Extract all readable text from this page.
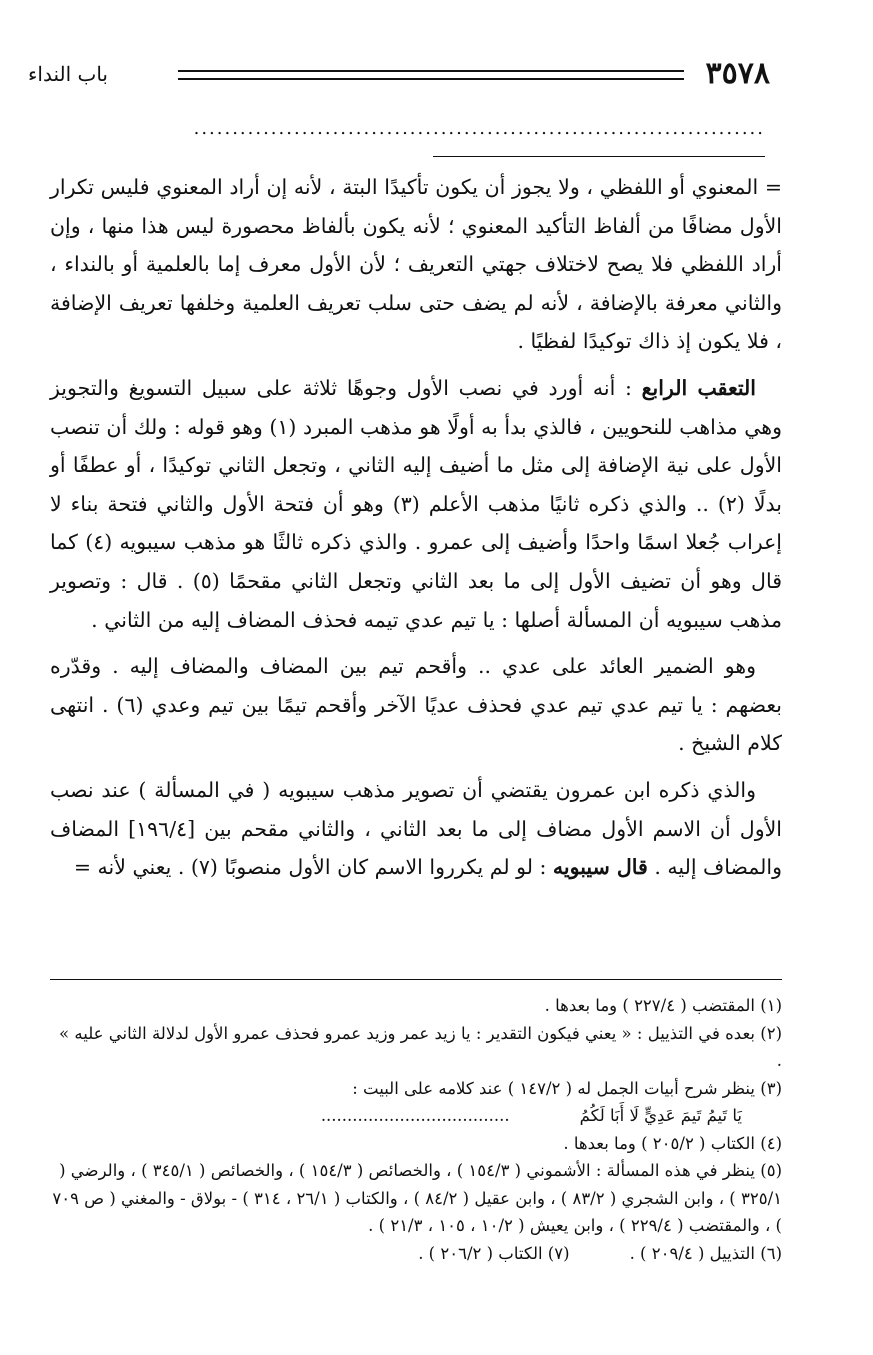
٣٥٧٨
باب النداء
..........................................................................

= المعنوي أو اللفظي ، ولا يجوز أن يكون تأكيدًا البتة ، لأنه إن أراد المعنوي فليس تكرار الأول مضافًا من ألفاظ التأكيد المعنوي ؛ لأنه يكون بألفاظ محصورة ليس هذا منها ، وإن أراد اللفظي فلا يصح لاختلاف جهتي التعريف ؛ لأن الأول معرف إما بالعلمية أو بالنداء ، والثاني معرفة بالإضافة ، لأنه لم يضف حتى سلب تعريف العلمية وخلفها تعريف الإضافة ، فلا يكون إذ ذاك توكيدًا لفظيًا .

التعقب الرابع : أنه أورد في نصب الأول وجوهًا ثلاثة على سبيل التسويغ والتجويز وهي مذاهب للنحويين ، فالذي بدأ به أولًا هو مذهب المبرد (١) وهو قوله : ولك أن تنصب الأول على نية الإضافة إلى مثل ما أضيف إليه الثاني ، وتجعل الثاني توكيدًا ، أو عطفًا أو بدلًا (٢) .. والذي ذكره ثانيًا مذهب الأعلم (٣) وهو أن فتحة الأول والثاني فتحة بناء لا إعراب جُعلا اسمًا واحدًا وأضيف إلى عمرو . والذي ذكره ثالثًا هو مذهب سيبويه (٤) كما قال وهو أن تضيف الأول إلى ما بعد الثاني وتجعل الثاني مقحمًا (٥) . قال : وتصوير مذهب سيبويه أن المسألة أصلها : يا تيم عدي تيمه فحذف المضاف إليه من الثاني .

وهو الضمير العائد على عدي .. وأقحم تيم بين المضاف والمضاف إليه . وقدّره بعضهم : يا تيم عدي تيم عدي فحذف عديًا الآخر وأقحم تيمًا بين تيم وعدي (٦) . انتهى كلام الشيخ .

والذي ذكره ابن عمرون يقتضي أن تصوير مذهب سيبويه ( في المسألة ) عند نصب الأول أن الاسم الأول مضاف إلى ما بعد الثاني ، والثاني مقحم بين [١٩٦/٤] المضاف والمضاف إليه . قال سيبويه : لو لم يكرروا الاسم كان الأول منصوبًا (٧) . يعني لأنه =

(١) المقتضب ( ٢٢٧/٤ ) وما بعدها .

(٢) بعده في التذييل : « يعني فيكون التقدير : يا زيد عمر وزيد عمرو فحذف عمرو الأول لدلالة الثاني عليه » .

(٣) ينظر شرح أبيات الجمل له ( ١٤٧/٢ ) عند كلامه على البيت :

يَا تَيمُ تَيمَ عَدِيٍّ لَا أَبَا لَكُمُ....................................

(٤) الكتاب ( ٢٠٥/٢ ) وما بعدها .

(٥) ينظر في هذه المسألة : الأشموني ( ١٥٤/٣ ) ، والخصائص ( ١٥٤/٣ ) ، والخصائص ( ٣٤٥/١ ) ، والرضي ( ٣٢٥/١ ) ، وابن الشجري ( ٨٣/٢ ) ، وابن عقيل ( ٨٤/٢ ) ، والكتاب ( ٢٦/١ ، ٣١٤ ) - بولاق - والمغني ( ص ٧٠٩ ) ، والمقتضب ( ٢٢٩/٤ ) ، وابن يعيش ( ١٠/٢ ، ١٠٥ ، ٢١/٣ ) .

(٦) التذييل ( ٢٠٩/٤ ) .
(٧) الكتاب ( ٢٠٦/٢ ) .
